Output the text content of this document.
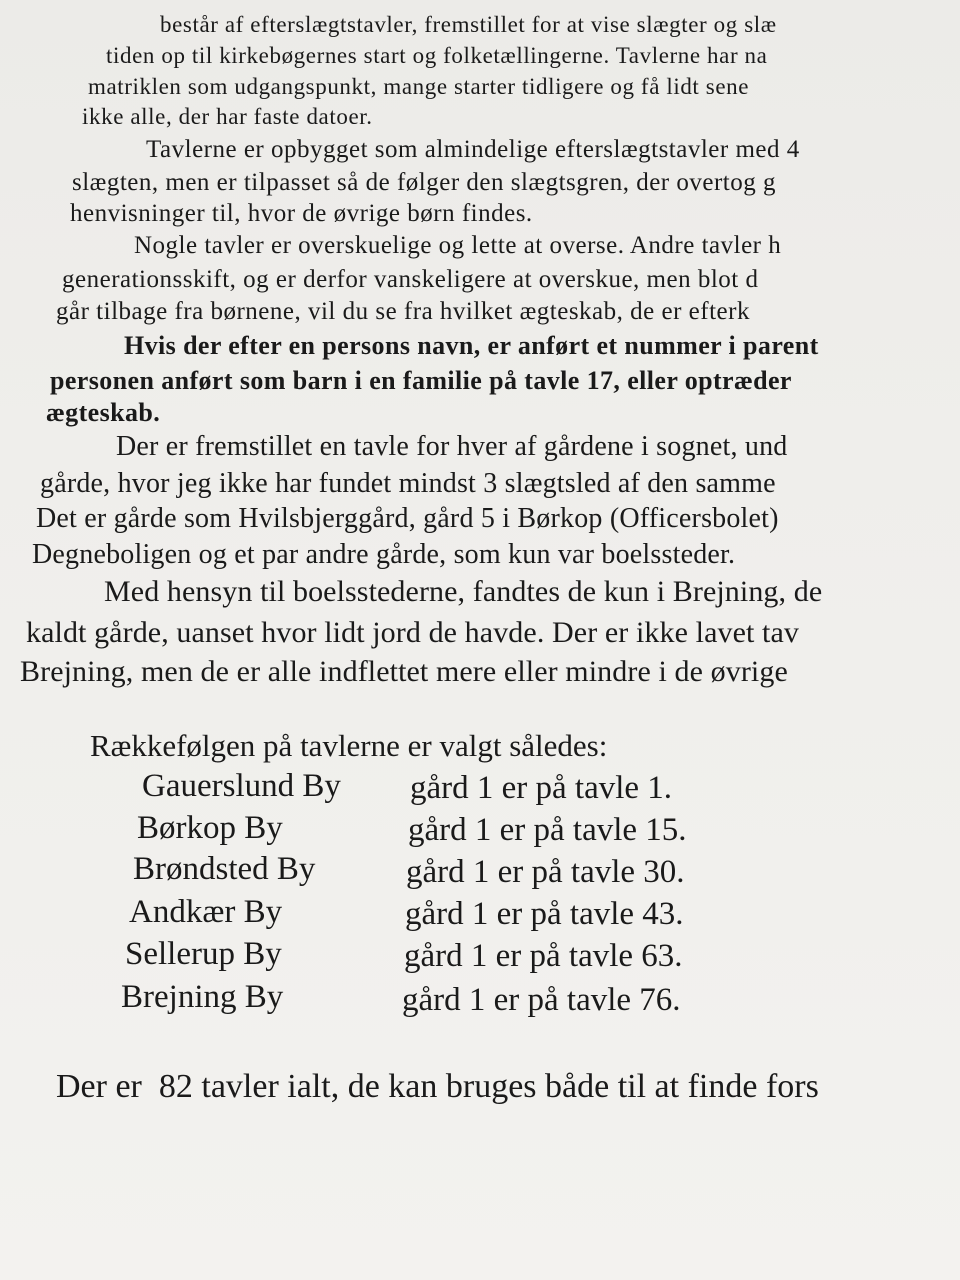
består af efterslægtstavler, fremstillet for at vise slægter og slæ
tiden op til kirkebøgernes start og folketællingerne. Tavlerne har na
matriklen som udgangspunkt, mange starter tidligere og få lidt sene
ikke alle, der har faste datoer.
Tavlerne er opbygget som almindelige efterslægtstavler med 4
slægten, men er tilpasset så de følger den slægtsgren, der overtog g
henvisninger til, hvor de øvrige børn findes.
Nogle tavler er overskuelige og lette at overse. Andre tavler h
generationsskift, og er derfor vanskeligere at overskue, men blot d
går tilbage fra børnene, vil du se fra hvilket ægteskab, de er efterk
Hvis der efter en persons navn, er anført et nummer i parent
personen anført som barn i en familie på tavle 17, eller optræder
ægteskab.
Der er fremstillet en tavle for hver af gårdene i sognet, und
gårde, hvor jeg ikke har fundet mindst 3 slægtsled af den samme
Det er gårde som Hvilsbjerggård, gård 5 i Børkop (Officersbolet)
Degneboligen og et par andre gårde, som kun var boelssteder.
Med hensyn til boelsstederne, fandtes de kun i Brejning, de
kaldt gårde, uanset hvor lidt jord de havde. Der er ikke lavet tav
Brejning, men de er alle indflettet mere eller mindre i de øvrige
Rækkefølgen på tavlerne er valgt således:
Gauerslund By gård 1 er på tavle 1.
Børkop By	gård 1 er på tavle 15.
Brøndsted By	gård 1 er på tavle 30.
Andkær By	gård 1 er på tavle 43.
Sellerup By	gård 1 er på tavle 63.
Brejning By	gård 1 er på tavle 76.
Der er  82 tavler ialt, de kan bruges både til at finde fors
